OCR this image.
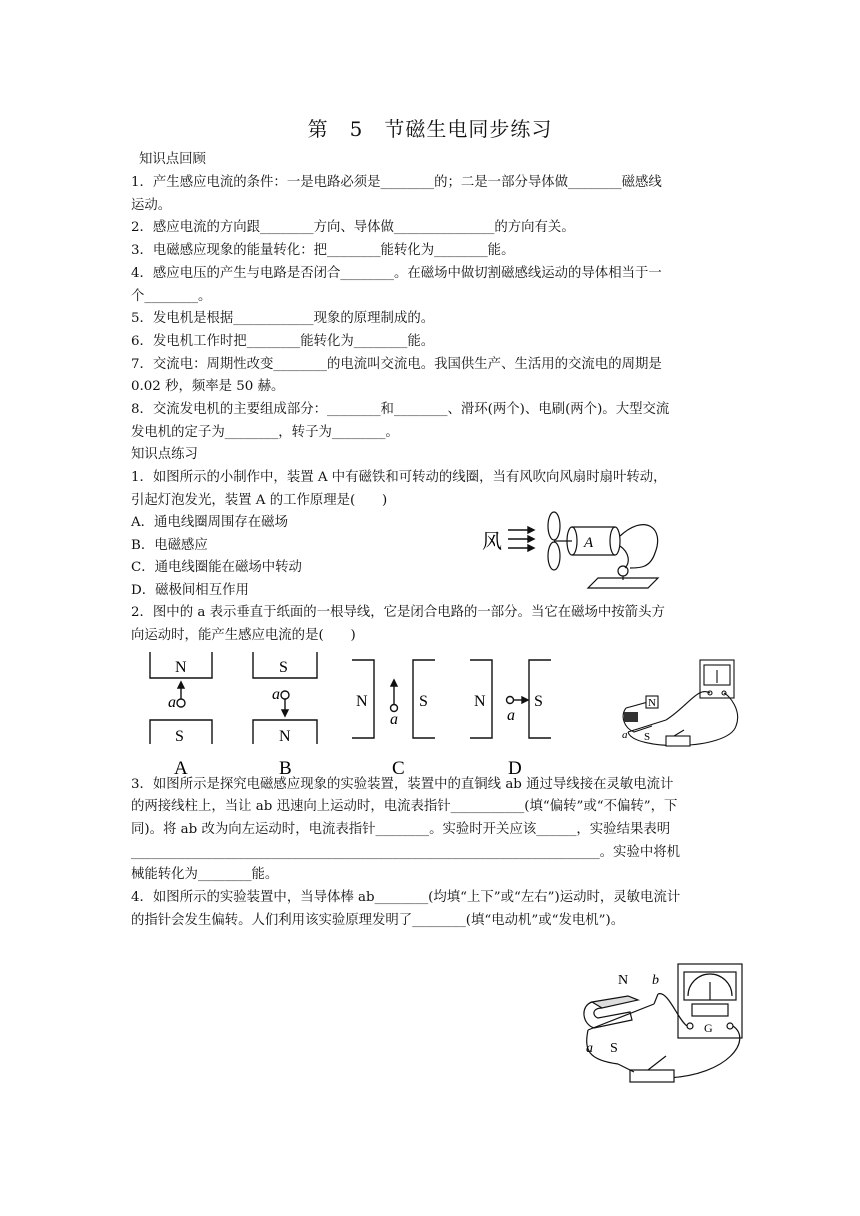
第　5　节磁生电同步练习
知识点回顾
1．产生感应电流的条件：一是电路必须是________的；二是一部分导体做________磁感线
运动。
2．感应电流的方向跟________方向、导体做_______________的方向有关。
3．电磁感应现象的能量转化：把________能转化为________能。
4．感应电压的产生与电路是否闭合________。在磁场中做切割磁感线运动的导体相当于一
个________。
5．发电机是根据____________现象的原理制成的。
6．发电机工作时把________能转化为________能。
7．交流电：周期性改变________的电流叫交流电。我国供生产、生活用的交流电的周期是
0.02 秒，频率是 50 赫。
8．交流发电机的主要组成部分：________和________、滑环(两个)、电刷(两个)。大型交流
发电机的定子为________，转子为________。
知识点练习
1．如图所示的小制作中，装置 A 中有磁铁和可转动的线圈，当有风吹向风扇时扇叶转动，
引起灯泡发光，装置 A 的工作原理是(　　)
A．通电线圈周围存在磁场
B．电磁感应
C．通电线圈能在磁场中转动
D．磁极间相互作用
风	A
2．图中的 a 表示垂直于纸面的一根导线，它是闭合电路的一部分。当它在磁场中按箭头方
向运动时，能产生感应电流的是(　　)
N
S
a
A
S
N
a
B
N	S
a
C
N	S
a
D
N
S
a
3．如图所示是探究电磁感应现象的实验装置，装置中的直铜线 ab 通过导线接在灵敏电流计
的两接线柱上，当让 ab 迅速向上运动时，电流表指针___________(填“偏转”或“不偏转”，下
同)。将 ab 改为向左运动时，电流表指针________。实验时开关应该______，实验结果表明
______________________________________________________________________。实验中将机
械能转化为________能。
4．如图所示的实验装置中，当导体棒 ab________(均填“上下”或“左右”)运动时，灵敏电流计
的指针会发生偏转。人们利用该实验原理发明了________(填“电动机”或“发电机”)。
N
S
b
a
G
